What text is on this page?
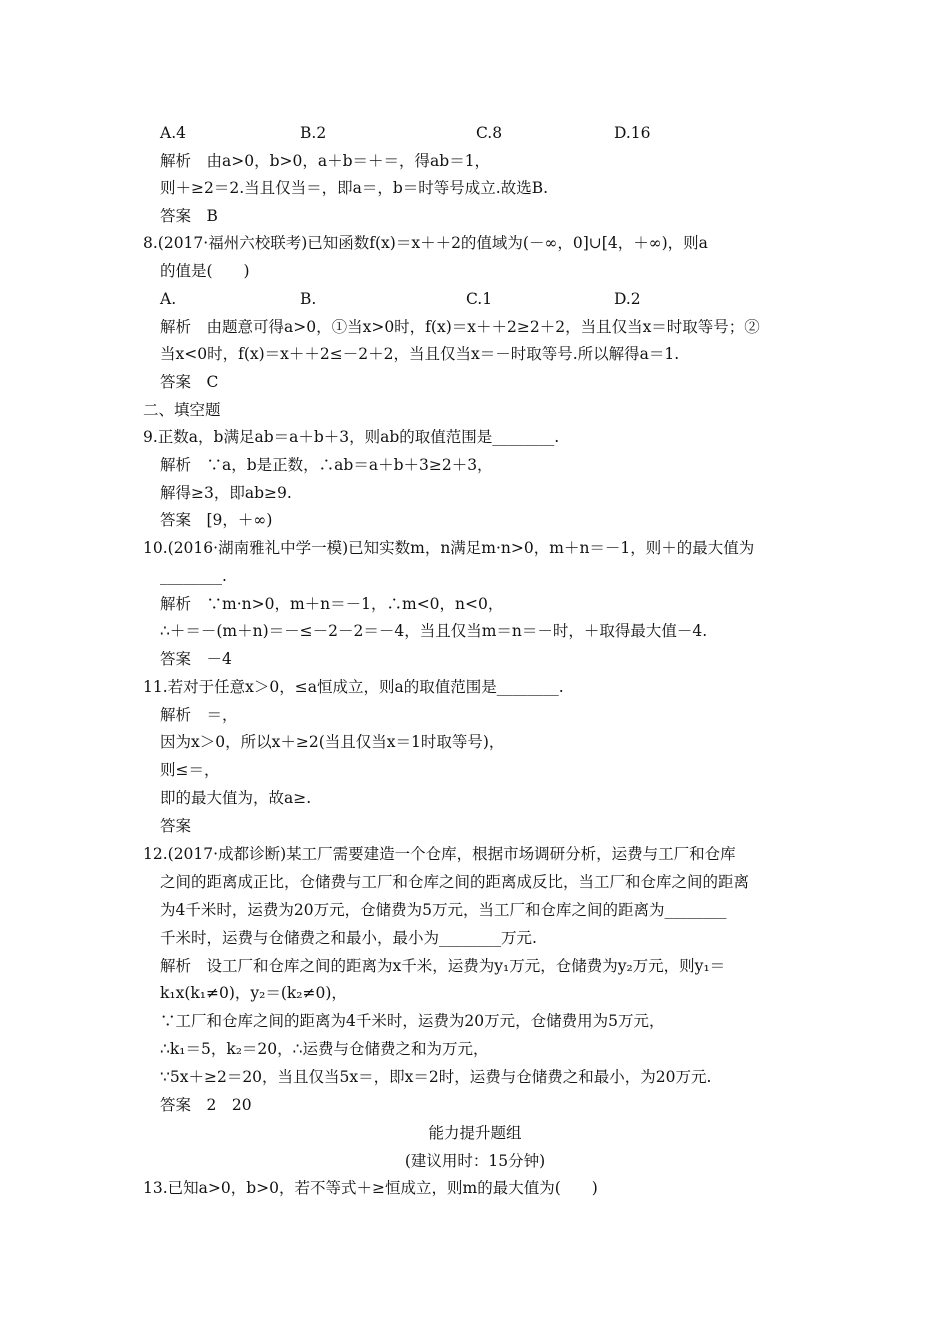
A.4	B.2	C.8	D.16
解析　由a>0，b>0，a＋b＝＋＝，得ab＝1，
则＋≥2＝2.当且仅当＝，即a＝，b＝时等号成立.故选B.
答案　B
8.(2017·福州六校联考)已知函数f(x)＝x＋＋2的值域为(－∞，0]∪[4，＋∞)，则a
的值是(　　)
A.	B.	C.1	D.2
解析　由题意可得a>0，①当x>0时，f(x)＝x＋＋2≥2＋2，当且仅当x＝时取等号；②
当x<0时，f(x)＝x＋＋2≤－2＋2，当且仅当x＝－时取等号.所以解得a＝1.
答案　C
二、填空题
9.正数a，b满足ab＝a＋b＋3，则ab的取值范围是________.
解析　∵a，b是正数，∴ab＝a＋b＋3≥2＋3，
解得≥3，即ab≥9.
答案　[9，＋∞)
10.(2016·湖南雅礼中学一模)已知实数m，n满足m·n>0，m＋n＝－1，则＋的最大值为
________.
解析　∵m·n>0，m＋n＝－1，∴m<0，n<0，
∴＋＝－(m＋n)＝－≤－2－2＝－4，当且仅当m＝n＝－时，＋取得最大值－4.
答案　－4
11.若对于任意x＞0，≤a恒成立，则a的取值范围是________.
解析　＝，
因为x＞0，所以x＋≥2(当且仅当x＝1时取等号)，
则≤＝，
即的最大值为，故a≥.
答案
12.(2017·成都诊断)某工厂需要建造一个仓库，根据市场调研分析，运费与工厂和仓库
之间的距离成正比，仓储费与工厂和仓库之间的距离成反比，当工厂和仓库之间的距离
为4千米时，运费为20万元，仓储费为5万元，当工厂和仓库之间的距离为________
千米时，运费与仓储费之和最小，最小为________万元.
解析　设工厂和仓库之间的距离为x千米，运费为y₁万元，仓储费为y₂万元，则y₁＝
k₁x(k₁≠0)，y₂＝(k₂≠0)，
∵工厂和仓库之间的距离为4千米时，运费为20万元，仓储费用为5万元，
∴k₁＝5，k₂＝20，∴运费与仓储费之和为万元，
∵5x＋≥2＝20，当且仅当5x＝，即x＝2时，运费与仓储费之和最小，为20万元.
答案　2　20
能力提升题组
(建议用时：15分钟)
13.已知a>0，b>0，若不等式＋≥恒成立，则m的最大值为(　　)
